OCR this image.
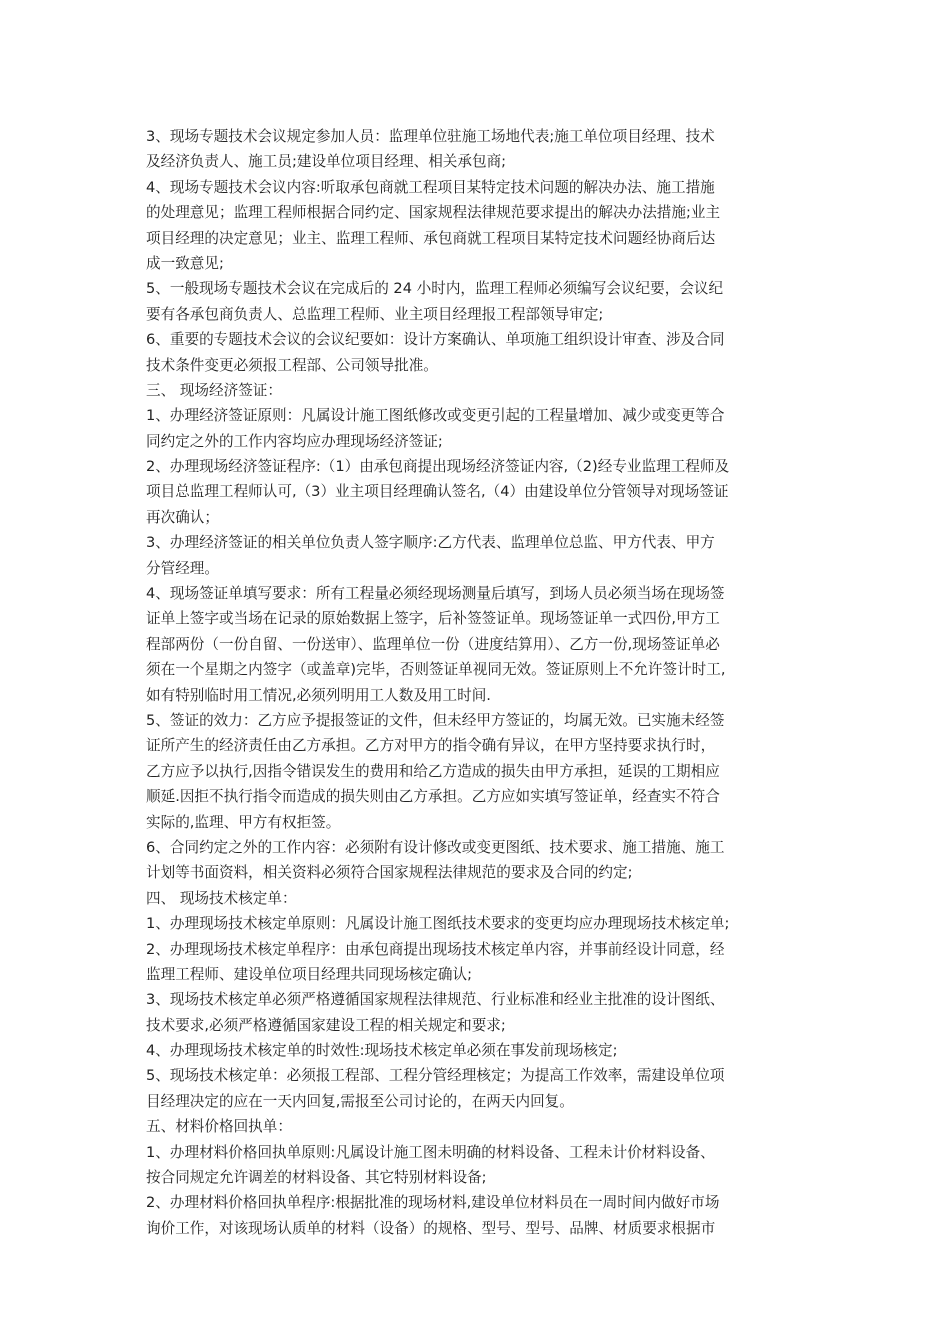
3、现场专题技术会议规定参加人员：监理单位驻施工场地代表;施工单位项目经理、技术
及经济负责人、施工员;建设单位项目经理、相关承包商;
4、现场专题技术会议内容:听取承包商就工程项目某特定技术问题的解决办法、施工措施
的处理意见；监理工程师根据合同约定、国家规程法律规范要求提出的解决办法措施;业主
项目经理的决定意见；业主、监理工程师、承包商就工程项目某特定技术问题经协商后达
成一致意见;
5、一般现场专题技术会议在完成后的 24 小时内，监理工程师必须编写会议纪要，会议纪
要有各承包商负责人、总监理工程师、业主项目经理报工程部领导审定;
6、重要的专题技术会议的会议纪要如：设计方案确认、单项施工组织设计审查、涉及合同
技术条件变更必须报工程部、公司领导批准。
三、 现场经济签证：
1、办理经济签证原则：凡属设计施工图纸修改或变更引起的工程量增加、减少或变更等合
同约定之外的工作内容均应办理现场经济签证;
2、办理现场经济签证程序:（1）由承包商提出现场经济签证内容,（2)经专业监理工程师及
项目总监理工程师认可,（3）业主项目经理确认签名,（4）由建设单位分管领导对现场签证
再次确认；
3、办理经济签证的相关单位负责人签字顺序:乙方代表、监理单位总监、甲方代表、甲方
分管经理。
4、现场签证单填写要求：所有工程量必须经现场测量后填写，到场人员必须当场在现场签
证单上签字或当场在记录的原始数据上签字，后补签签证单。现场签证单一式四份,甲方工
程部两份（一份自留、一份送审）、监理单位一份（进度结算用）、乙方一份,现场签证单必
须在一个星期之内签字（或盖章)完毕，否则签证单视同无效。签证原则上不允许签计时工,
如有特别临时用工情况,必须列明用工人数及用工时间.
5、签证的效力：乙方应予提报签证的文件，但未经甲方签证的，均属无效。已实施未经签
证所产生的经济责任由乙方承担。乙方对甲方的指令确有异议，在甲方坚持要求执行时，
乙方应予以执行,因指令错误发生的费用和给乙方造成的损失由甲方承担，延误的工期相应
顺延.因拒不执行指令而造成的损失则由乙方承担。乙方应如实填写签证单，经查实不符合
实际的,监理、甲方有权拒签。
6、合同约定之外的工作内容：必须附有设计修改或变更图纸、技术要求、施工措施、施工
计划等书面资料，相关资料必须符合国家规程法律规范的要求及合同的约定;
四、 现场技术核定单：
1、办理现场技术核定单原则：凡属设计施工图纸技术要求的变更均应办理现场技术核定单;
2、办理现场技术核定单程序：由承包商提出现场技术核定单内容，并事前经设计同意，经
监理工程师、建设单位项目经理共同现场核定确认;
3、现场技术核定单必须严格遵循国家规程法律规范、行业标准和经业主批准的设计图纸、
技术要求,必须严格遵循国家建设工程的相关规定和要求;
4、办理现场技术核定单的时效性:现场技术核定单必须在事发前现场核定;
5、现场技术核定单：必须报工程部、工程分管经理核定；为提高工作效率，需建设单位项
目经理决定的应在一天内回复,需报至公司讨论的，在两天内回复。
五、材料价格回执单：
1、办理材料价格回执单原则:凡属设计施工图未明确的材料设备、工程未计价材料设备、
按合同规定允许调差的材料设备、其它特别材料设备;
2、办理材料价格回执单程序:根据批准的现场材料,建设单位材料员在一周时间内做好市场
询价工作，对该现场认质单的材料（设备）的规格、型号、型号、品牌、材质要求根据市
